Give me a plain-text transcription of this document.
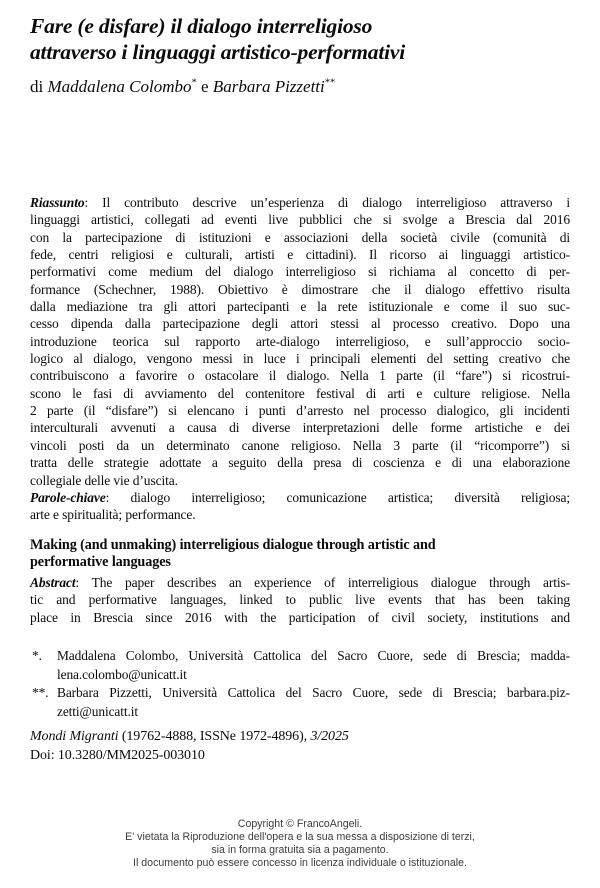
Fare (e disfare) il dialogo interreligioso
attraverso i linguaggi artistico-performativi
di Maddalena Colombo* e Barbara Pizzetti**
Riassunto: Il contributo descrive un’esperienza di dialogo interreligioso attraverso i
linguaggi artistici, collegati ad eventi live pubblici che si svolge a Brescia dal 2016
con la partecipazione di istituzioni e associazioni della società civile (comunità di
fede, centri religiosi e culturali, artisti e cittadini). Il ricorso ai linguaggi artistico-
performativi come medium del dialogo interreligioso si richiama al concetto di per-
formance (Schechner, 1988). Obiettivo è dimostrare che il dialogo effettivo risulta
dalla mediazione tra gli attori partecipanti e la rete istituzionale e come il suo suc-
cesso dipenda dalla partecipazione degli attori stessi al processo creativo. Dopo una
introduzione teorica sul rapporto arte-dialogo interreligioso, e sull’approccio socio-
logico al dialogo, vengono messi in luce i principali elementi del setting creativo che
contribuiscono a favorire o ostacolare il dialogo. Nella 1 parte (il “fare”) si ricostrui-
scono le fasi di avviamento del contenitore festival di arti e culture religiose. Nella
2 parte (il “disfare”) si elencano i punti d’arresto nel processo dialogico, gli incidenti
interculturali avvenuti a causa di diverse interpretazioni delle forme artistiche e dei
vincoli posti da un determinato canone religioso. Nella 3 parte (il “ricomporre”) si
tratta delle strategie adottate a seguito della presa di coscienza e di una elaborazione
collegiale delle vie d’uscita.
Parole-chiave: dialogo interreligioso; comunicazione artistica; diversità religiosa;
arte e spiritualità; performance.
Making (and unmaking) interreligious dialogue through artistic and
performative languages
Abstract: The paper describes an experience of interreligious dialogue through artis-
tic and performative languages, linked to public live events that has been taking
place in Brescia since 2016 with the participation of civil society, institutions and
*. Maddalena Colombo, Università Cattolica del Sacro Cuore, sede di Brescia; madda-
lena.colombo@unicatt.it
**. Barbara Pizzetti, Università Cattolica del Sacro Cuore, sede di Brescia; barbara.piz-
zetti@unicatt.it
Mondi Migranti (19762-4888, ISSNe 1972-4896), 3/2025
Doi: 10.3280/MM2025-003010
Copyright © FrancoAngeli.
E' vietata la Riproduzione dell'opera e la sua messa a disposizione di terzi,
sia in forma gratuita sia a pagamento.
Il documento può essere concesso in licenza individuale o istituzionale.
